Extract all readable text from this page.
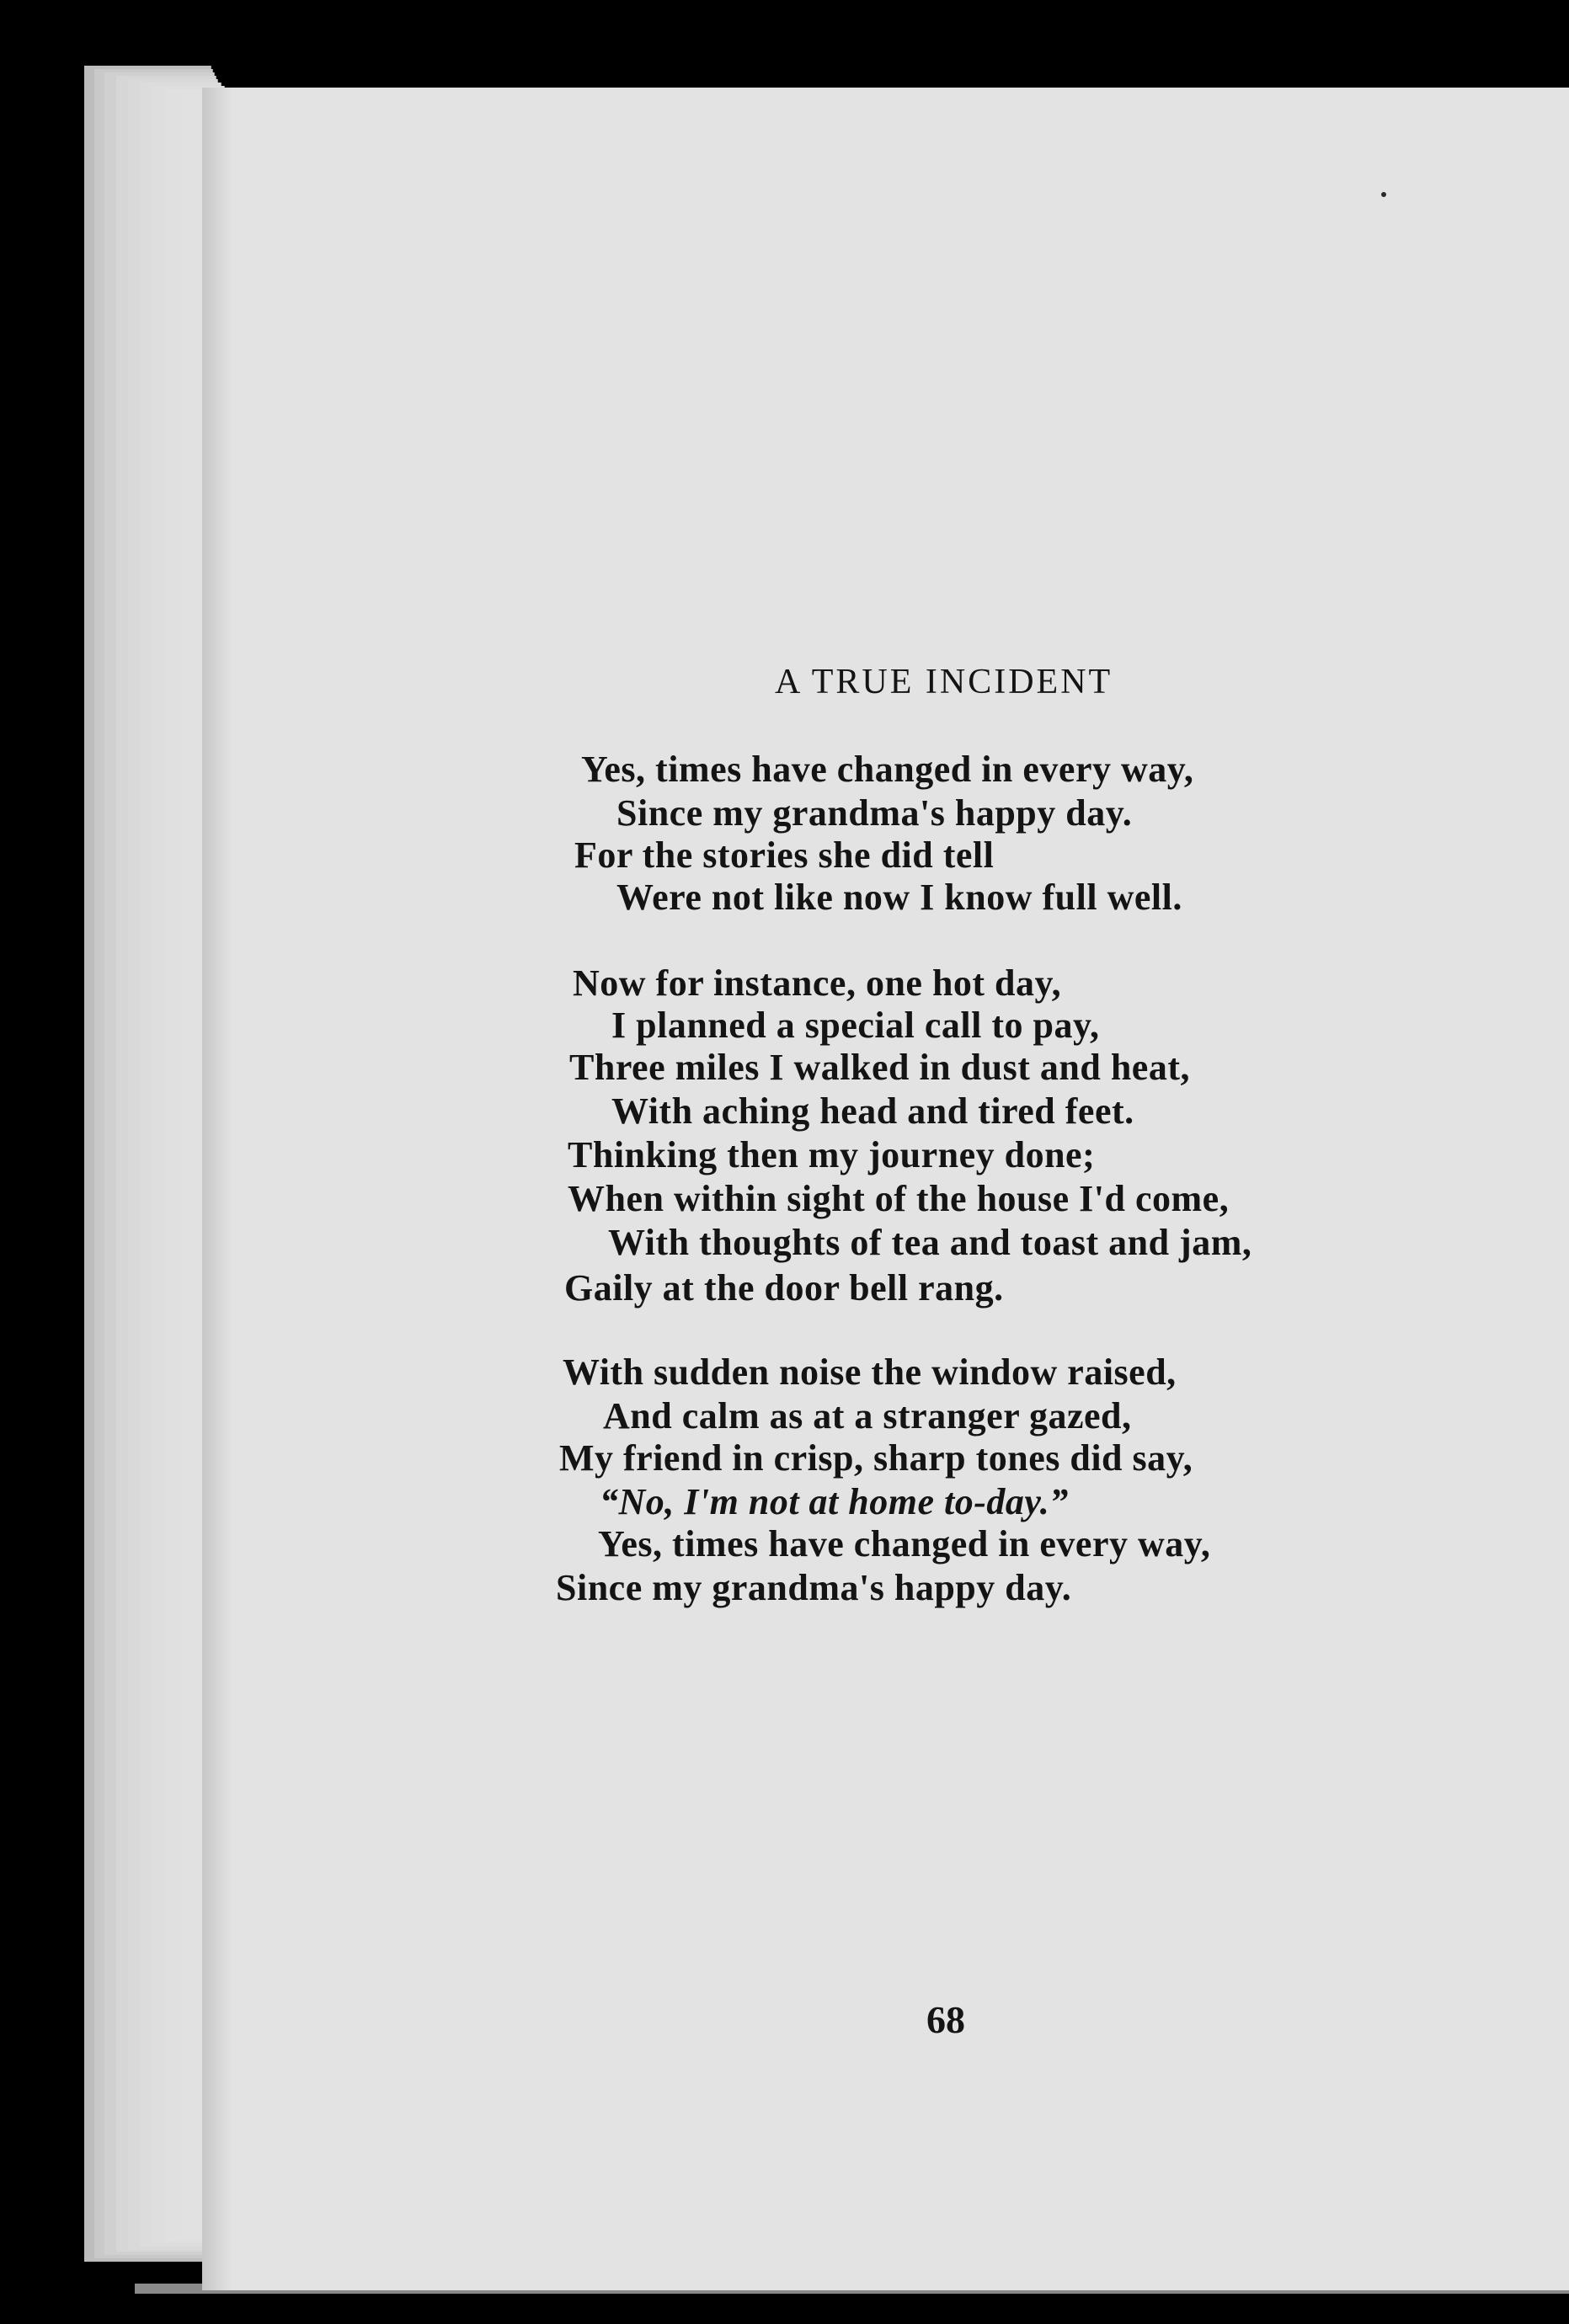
A TRUE INCIDENT
Yes, times have changed in every way,
Since my grandma's happy day.
For the stories she did tell
Were not like now I know full well.
Now for instance, one hot day,
I planned a special call to pay,
Three miles I walked in dust and heat,
With aching head and tired feet.
Thinking then my journey done;
When within sight of the house I'd come,
With thoughts of tea and toast and jam,
Gaily at the door bell rang.
With sudden noise the window raised,
And calm as at a stranger gazed,
My friend in crisp, sharp tones did say,
“No, I'm not at home to-day.”
Yes, times have changed in every way,
Since my grandma's happy day.
68
